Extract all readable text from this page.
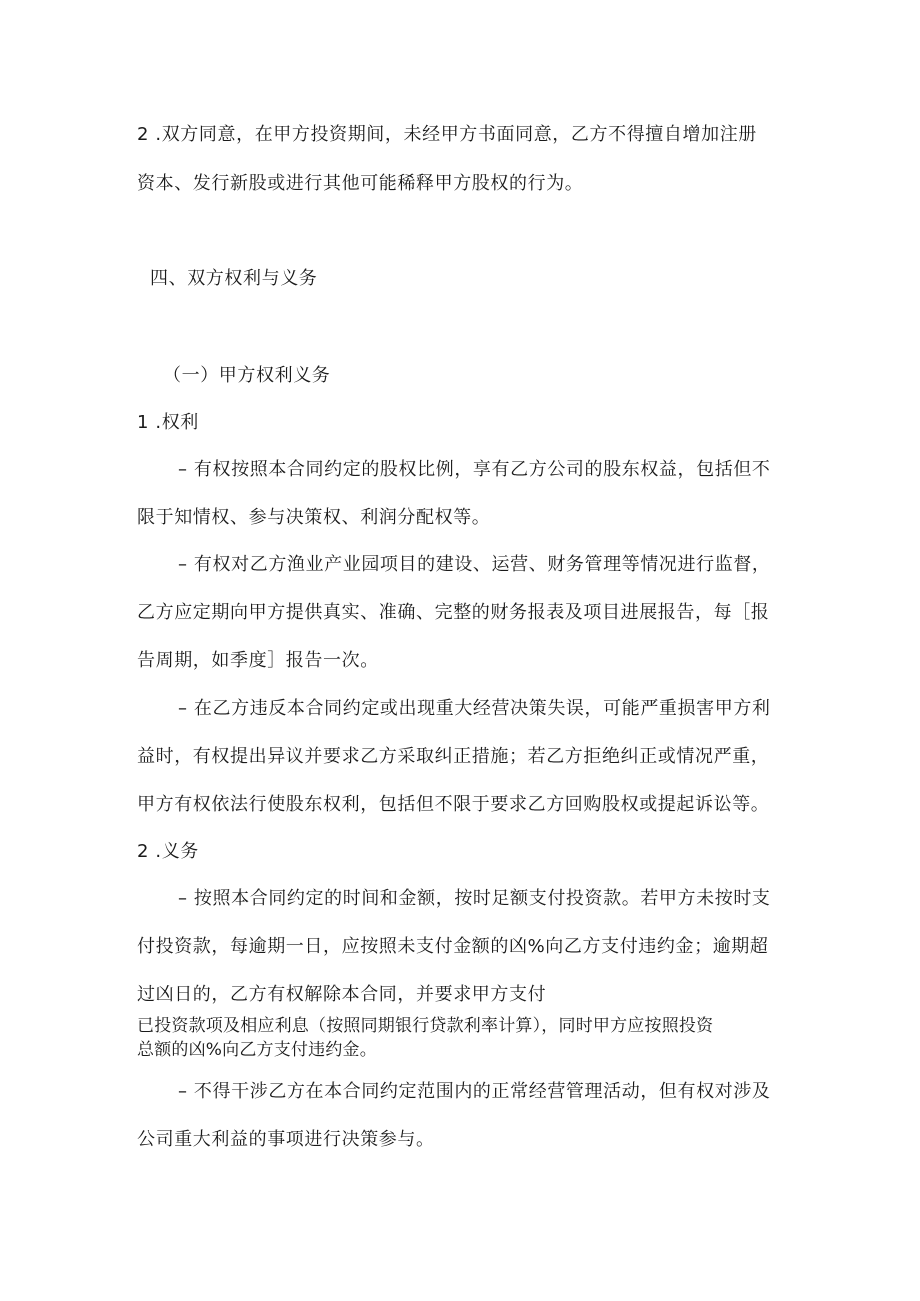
2 .双方同意，在甲方投资期间，未经甲方书面同意，乙方不得擅自增加注册
资本、发行新股或进行其他可能稀释甲方股权的行为。
四、双方权利与义务
（一）甲方权利义务
1 .权利
– 有权按照本合同约定的股权比例，享有乙方公司的股东权益，包括但不
限于知情权、参与决策权、利润分配权等。
– 有权对乙方渔业产业园项目的建设、运营、财务管理等情况进行监督，
乙方应定期向甲方提供真实、准确、完整的财务报表及项目进展报告，每［报
告周期，如季度］报告一次。
– 在乙方违反本合同约定或出现重大经营决策失误，可能严重损害甲方利
益时，有权提出异议并要求乙方采取纠正措施；若乙方拒绝纠正或情况严重，
甲方有权依法行使股东权利，包括但不限于要求乙方回购股权或提起诉讼等。
2 .义务
– 按照本合同约定的时间和金额，按时足额支付投资款。若甲方未按时支
付投资款，每逾期一日，应按照未支付金额的凶%向乙方支付违约金；逾期超
过凶日的，乙方有权解除本合同，并要求甲方支付
已投资款项及相应利息（按照同期银行贷款利率计算），同时甲方应按照投资
总额的凶%向乙方支付违约金。
– 不得干涉乙方在本合同约定范围内的正常经营管理活动，但有权对涉及
公司重大利益的事项进行决策参与。
